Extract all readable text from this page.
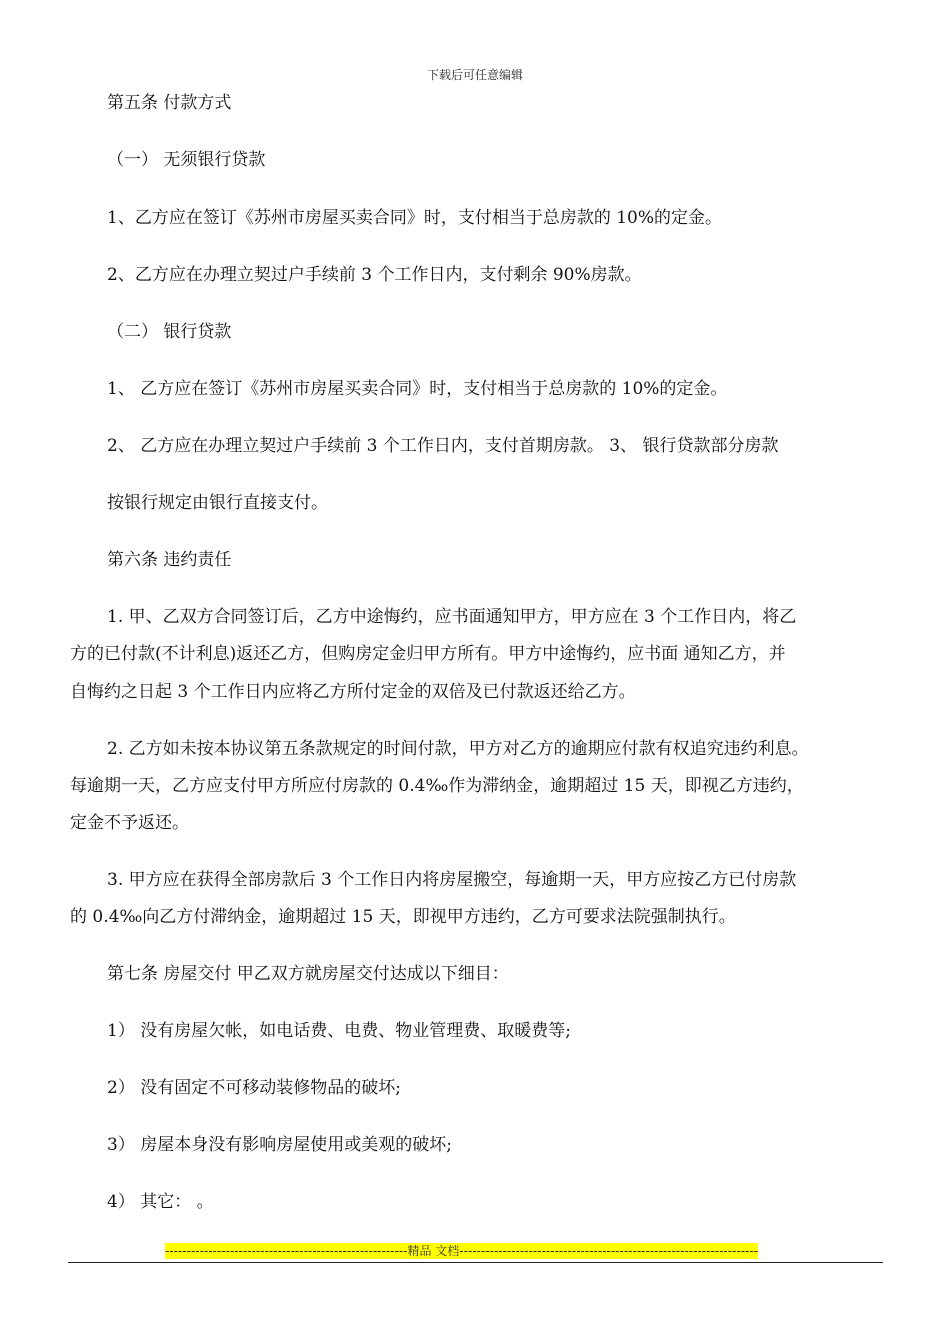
下载后可任意编辑
第五条 付款方式
（一） 无须银行贷款
1、乙方应在签订《苏州市房屋买卖合同》时，支付相当于总房款的 10%的定金。
2、乙方应在办理立契过户手续前 3 个工作日内，支付剩余 90%房款。
（二） 银行贷款
1、 乙方应在签订《苏州市房屋买卖合同》时，支付相当于总房款的 10%的定金。
2、 乙方应在办理立契过户手续前 3 个工作日内，支付首期房款。 3、 银行贷款部分房款
按银行规定由银行直接支付。
第六条 违约责任
1. 甲、乙双方合同签订后，乙方中途悔约，应书面通知甲方，甲方应在 3 个工作日内，将乙
方的已付款(不计利息)返还乙方，但购房定金归甲方所有。甲方中途悔约，应书面 通知乙方，并
自悔约之日起 3 个工作日内应将乙方所付定金的双倍及已付款返还给乙方。
2. 乙方如未按本协议第五条款规定的时间付款，甲方对乙方的逾期应付款有权追究违约利息。
每逾期一天，乙方应支付甲方所应付房款的 0.4‰作为滞纳金，逾期超过 15 天，即视乙方违约，
定金不予返还。
3. 甲方应在获得全部房款后 3 个工作日内将房屋搬空，每逾期一天，甲方应按乙方已付房款
的 0.4‰向乙方付滞纳金，逾期超过 15 天，即视甲方违约，乙方可要求法院强制执行。
第七条 房屋交付 甲乙双方就房屋交付达成以下细目：
1） 没有房屋欠帐，如电话费、电费、物业管理费、取暖费等;
2） 没有固定不可移动装修物品的破坏;
3） 房屋本身没有影响房屋使用或美观的破坏;
4） 其它： 。
--------------------------------------------------------精品 文档---------------------------------------------------------------------
